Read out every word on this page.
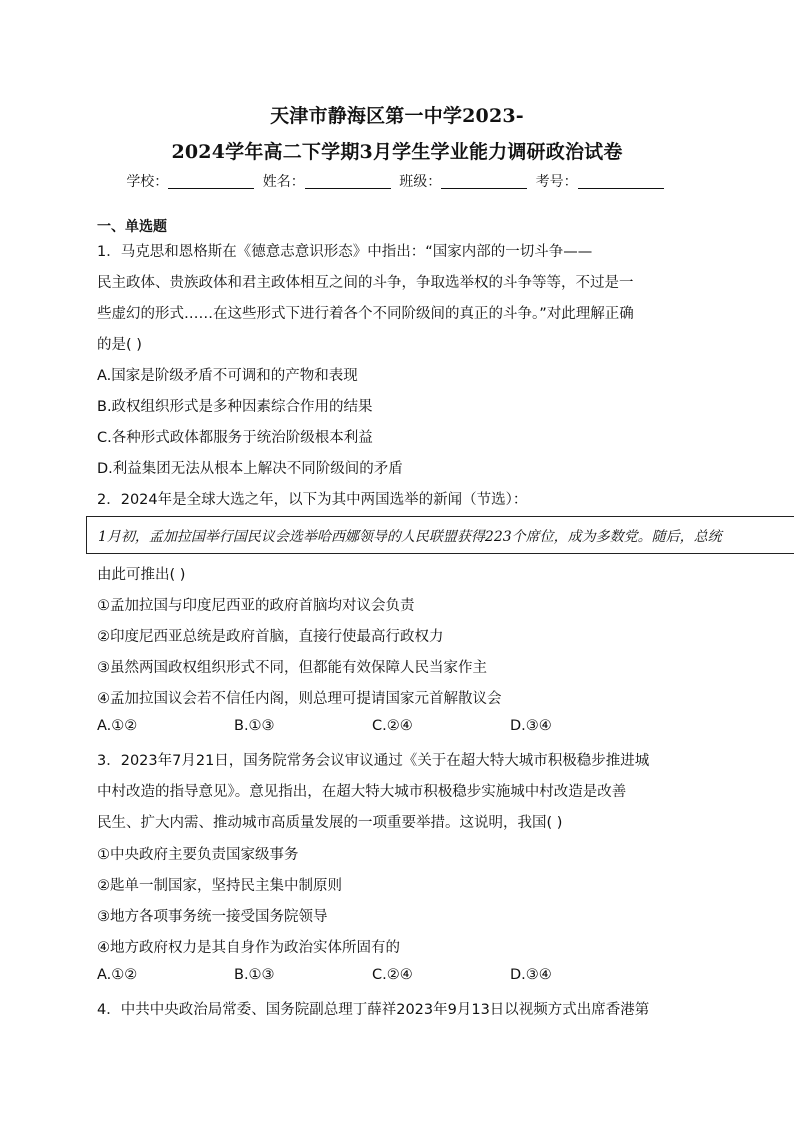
天津市静海区第一中学2023-
2024学年高二下学期3月学生学业能力调研政治试卷
学校：	姓名：	班级：	考号：
一、单选题
1．马克思和恩格斯在《德意志意识形态》中指出：“国家内部的一切斗争——
民主政体、贵族政体和君主政体相互之间的斗争，争取选举权的斗争等等，不过是一
些虚幻的形式……在这些形式下进行着各个不同阶级间的真正的斗争。”对此理解正确
的是( )
A.国家是阶级矛盾不可调和的产物和表现
B.政权组织形式是多种因素综合作用的结果
C.各种形式政体都服务于统治阶级根本利益
D.利益集团无法从根本上解决不同阶级间的矛盾
2．2024年是全球大选之年，以下为其中两国选举的新闻（节选）：
1月初，孟加拉国举行国民议会选举哈西娜领导的人民联盟获得223个席位，成为多数党。随后，总统
由此可推出( )
①孟加拉国与印度尼西亚的政府首脑均对议会负责
②印度尼西亚总统是政府首脑，直接行使最高行政权力
③虽然两国政权组织形式不同，但都能有效保障人民当家作主
④孟加拉国议会若不信任内阁，则总理可提请国家元首解散议会
A.①②	B.①③	C.②④	D.③④
3．2023年7月21日，国务院常务会议审议通过《关于在超大特大城市积极稳步推进城
中村改造的指导意见》。意见指出，在超大特大城市积极稳步实施城中村改造是改善
民生、扩大内需、推动城市高质量发展的一项重要举措。这说明，我国( )
①中央政府主要负责国家级事务
②匙单一制国家，坚持民主集中制原则
③地方各项事务统一接受国务院领导
④地方政府权力是其自身作为政治实体所固有的
A.①②	B.①③	C.②④	D.③④
4．中共中央政治局常委、国务院副总理丁薛祥2023年9月13日以视频方式出席香港第
